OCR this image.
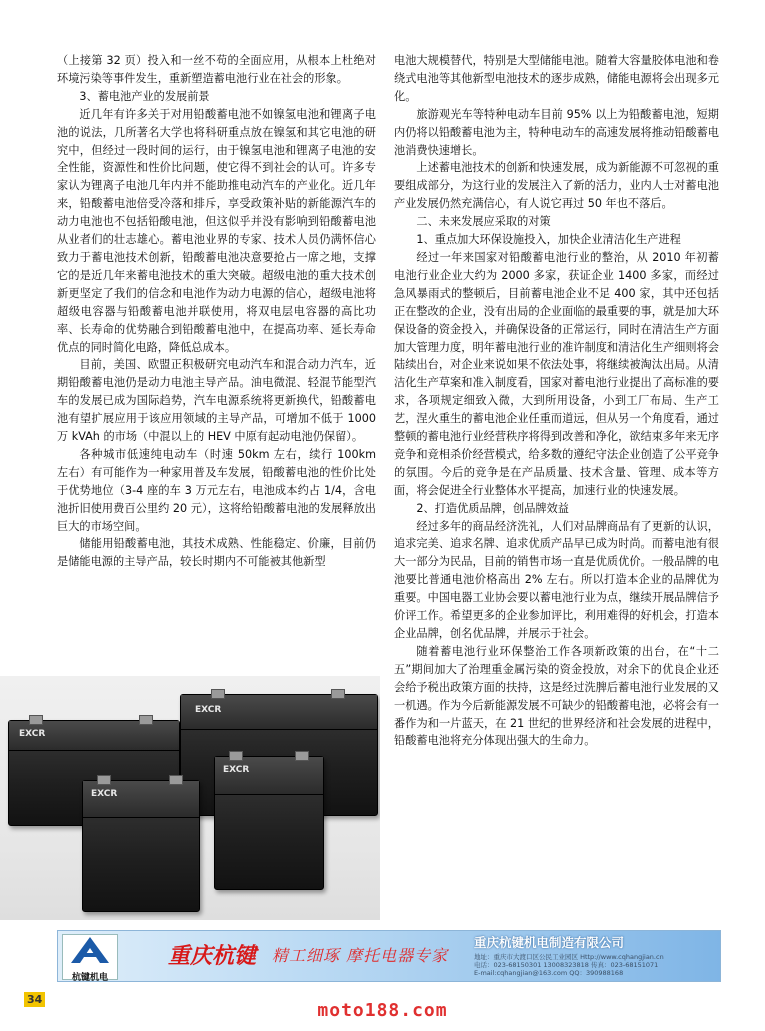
（上接第 32 页）投入和一丝不苟的全面应用，从根本上杜绝对环境污染等事件发生，重新塑造蓄电池行业在社会的形象。

3、蓄电池产业的发展前景

近几年有许多关于对用铅酸蓄电池不如镍氢电池和锂离子电池的说法，几所著名大学也将科研重点放在镍氢和其它电池的研究中，但经过一段时间的运行，由于镍氢电池和锂离子电池的安全性能，资源性和性价比问题，使它得不到社会的认可。许多专家认为锂离子电池几年内并不能助推电动汽车的产业化。近几年来，铅酸蓄电池倍受冷落和排斥，享受政策补贴的新能源汽车的动力电池也不包括铅酸电池，但这似乎并没有影响到铅酸蓄电池从业者们的壮志雄心。蓄电池业界的专家、技术人员仍满怀信心致力于蓄电池技术创新，铅酸蓄电池决意要抢占一席之地，支撑它的是近几年来蓄电池技术的重大突破。超级电池的重大技术创新更坚定了我们的信念和电池作为动力电源的信心，超级电池将超级电容器与铅酸蓄电池并联使用，将双电层电容器的高比功率、长寿命的优势融合到铅酸蓄电池中，在提高功率、延长寿命优点的同时简化电路，降低总成本。

目前，美国、欧盟正积极研究电动汽车和混合动力汽车，近期铅酸蓄电池仍是动力电池主导产品。油电微混、轻混节能型汽车的发展已成为国际趋势，汽车电源系统将更新换代，铅酸蓄电池有望扩展应用于该应用领域的主导产品，可增加不低于 1000 万 kVAh 的市场（中混以上的 HEV 中原有起动电池仍保留）。

各种城市低速纯电动车（时速 50km 左右，续行 100km 左右）有可能作为一种家用普及车发展，铅酸蓄电池的性价比处于优势地位（3-4 座的车 3 万元左右，电池成本约占 1/4，含电池折旧使用费百公里约 20 元），这将给铅酸蓄电池的发展释放出巨大的市场空间。

储能用铅酸蓄电池，其技术成熟、性能稳定、价廉，目前仍是储能电源的主导产品，较长时期内不可能被其他新型

电池大规模替代，特别是大型储能电池。随着大容量胶体电池和卷绕式电池等其他新型电池技术的逐步成熟，储能电源将会出现多元化。

旅游观光车等特种电动车目前 95% 以上为铅酸蓄电池，短期内仍将以铅酸蓄电池为主，特种电动车的高速发展将推动铅酸蓄电池消费快速增长。

上述蓄电池技术的创新和快速发展，成为新能源不可忽视的重要组成部分，为这行业的发展注入了新的活力，业内人士对蓄电池产业发展仍然充满信心，有人说它再过 50 年也不落后。

二、未来发展应采取的对策

1、重点加大环保设施投入，加快企业清洁化生产进程

经过一年来国家对铅酸蓄电池行业的整治，从 2010 年初蓄电池行业企业大约为 2000 多家，获证企业 1400 多家，而经过急风暴雨式的整顿后，目前蓄电池企业不足 400 家，其中还包括正在整改的企业，没有出局的企业面临的最重要的事，就是加大环保设备的资金投入，并确保设备的正常运行，同时在清洁生产方面加大管理力度，明年蓄电池行业的准许制度和清洁化生产细则将会陆续出台，对企业来说如果不依法处事，将继续被淘汰出局。从清洁化生产草案和准入制度看，国家对蓄电池行业提出了高标准的要求，各项规定细致入微，大到所用设备，小到工厂布局、生产工艺，涅火重生的蓄电池企业任重而道远，但从另一个角度看，通过整顿的蓄电池行业经营秩序将得到改善和净化，欲结束多年来无序竞争和竞相杀价经营模式，给多数的遵纪守法企业创造了公平竞争的氛围。今后的竞争是在产品质量、技术含量、管理、成本等方面，将会促进全行业整体水平提高，加速行业的快速发展。

2、打造优质品牌，创品牌效益

经过多年的商品经济洗礼，人们对品牌商品有了更新的认识，追求完美、追求名牌、追求优质产品早已成为时尚。而蓄电池有很大一部分为民品，目前的销售市场一直是优质优价。一般品牌的电池要比普通电池价格高出 2% 左右。所以打造本企业的品牌优为重要。中国电器工业协会要以蓄电池行业为点，继续开展品牌信予价评工作。希望更多的企业参加评比，利用难得的好机会，打造本企业品牌，创名优品牌，并展示于社会。

随着蓄电池行业环保整治工作各项新政策的出台，在“十二五”期间加大了治理重金属污染的资金投放，对余下的优良企业还会给予税出政策方面的扶持，这是经过洗脾后蓄电池行业发展的又一机遇。作为今后新能源发展不可缺少的铅酸蓄电池，必将会有一番作为和一片蓝天，在 21 世纪的世界经济和社会发展的进程中，铅酸蓄电池将充分体现出强大的生命力。

EXCR
EXCR
EXCR
EXCR
杭键机电
重庆杭键 精工细琢 摩托电器专家
重庆杭键机电制造有限公司
地址：重庆市大渡口区公民工业园区 Http://www.cqhangjian.cn
电话：023-68150301 13008323818 传真：023-68151071
E-mail:cqhangjian@163.com QQ：390988168
34
moto188.com
